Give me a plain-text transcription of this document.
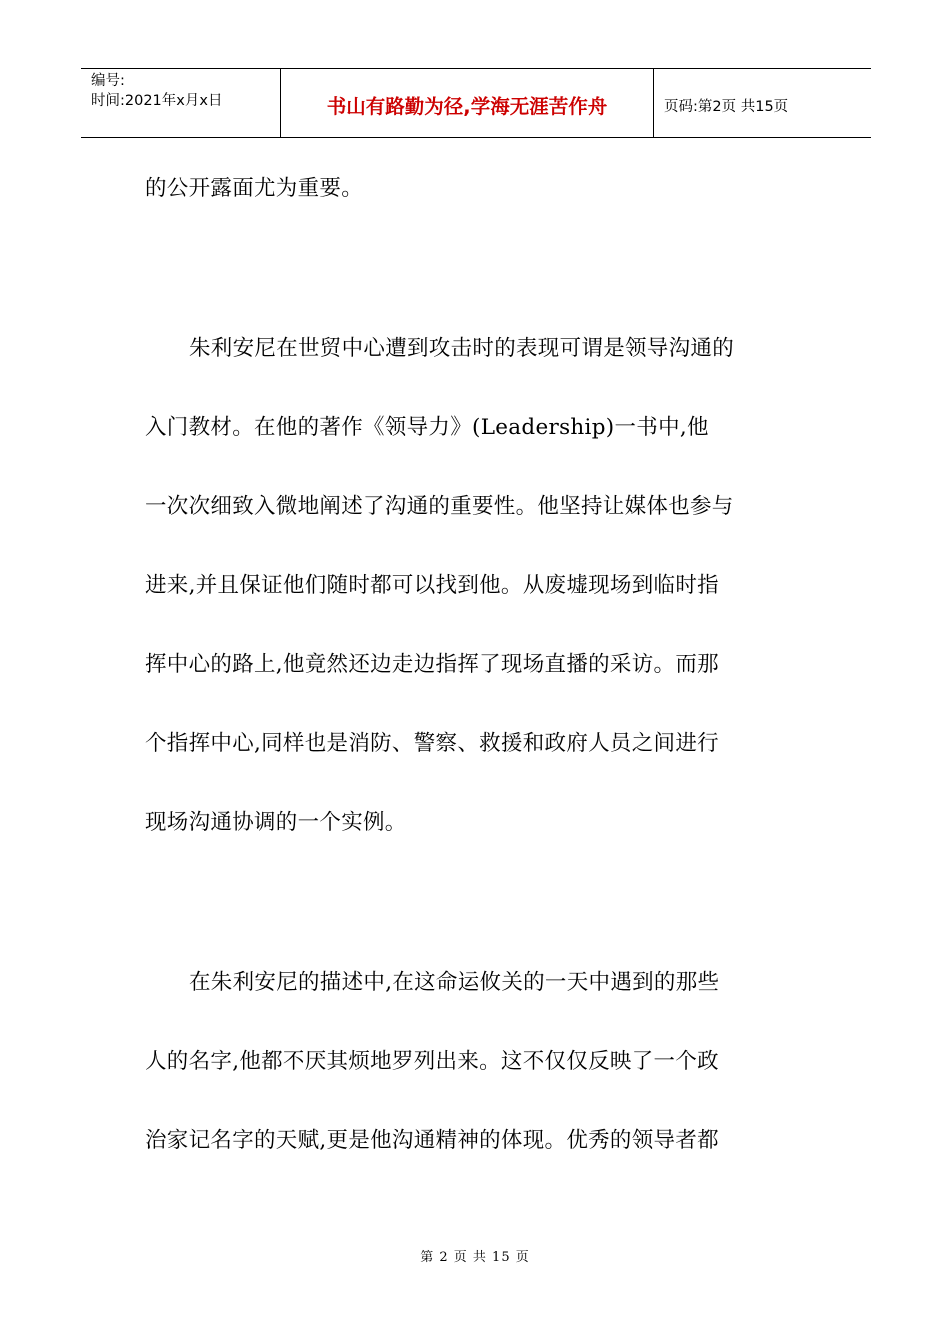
编号:
时间:2021年x月x日	书山有路勤为径,学海无涯苦作舟	页码:第2页 共15页
的公开露面尤为重要。
朱利安尼在世贸中心遭到攻击时的表现可谓是领导沟通的
入门教材。在他的著作《领导力》(Leadership)一书中,他
一次次细致入微地阐述了沟通的重要性。他坚持让媒体也参与
进来,并且保证他们随时都可以找到他。从废墟现场到临时指
挥中心的路上,他竟然还边走边指挥了现场直播的采访。而那
个指挥中心,同样也是消防、警察、救援和政府人员之间进行
现场沟通协调的一个实例。
在朱利安尼的描述中,在这命运攸关的一天中遇到的那些
人的名字,他都不厌其烦地罗列出来。这不仅仅反映了一个政
治家记名字的天赋,更是他沟通精神的体现。优秀的领导者都
第 2 页 共 15 页
